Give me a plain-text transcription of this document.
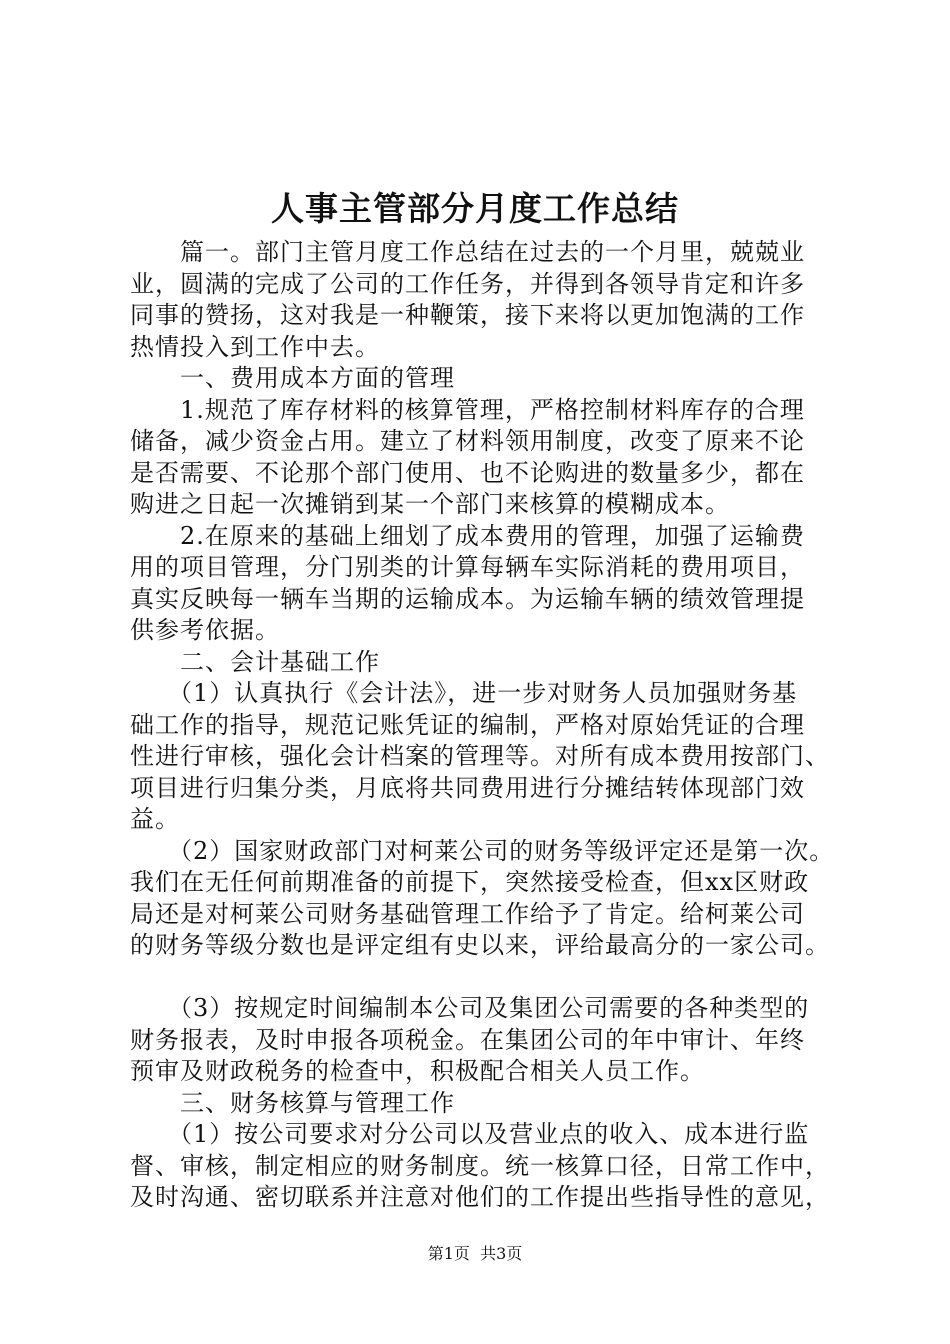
人事主管部分月度工作总结

　　篇一。部门主管月度工作总结在过去的一个月里，兢兢业

业，圆满的完成了公司的工作任务，并得到各领导肯定和许多

同事的赞扬，这对我是一种鞭策，接下来将以更加饱满的工作

热情投入到工作中去。

　　一、费用成本方面的管理

　　1.规范了库存材料的核算管理，严格控制材料库存的合理

储备，减少资金占用。建立了材料领用制度，改变了原来不论

是否需要、不论那个部门使用、也不论购进的数量多少，都在

购进之日起一次摊销到某一个部门来核算的模糊成本。

　　2.在原来的基础上细划了成本费用的管理，加强了运输费

用的项目管理，分门别类的计算每辆车实际消耗的费用项目，

真实反映每一辆车当期的运输成本。为运输车辆的绩效管理提

供参考依据。

　　二、会计基础工作

　　（1）认真执行《会计法》，进一步对财务人员加强财务基

础工作的指导，规范记账凭证的编制，严格对原始凭证的合理

性进行审核，强化会计档案的管理等。对所有成本费用按部门、

项目进行归集分类，月底将共同费用进行分摊结转体现部门效

益。

　　（2）国家财政部门对柯莱公司的财务等级评定还是第一次。

我们在无任何前期准备的前提下，突然接受检查，但xx区财政

局还是对柯莱公司财务基础管理工作给予了肯定。给柯莱公司

的财务等级分数也是评定组有史以来，评给最高分的一家公司。

　　（3）按规定时间编制本公司及集团公司需要的各种类型的

财务报表，及时申报各项税金。在集团公司的年中审计、年终

预审及财政税务的检查中，积极配合相关人员工作。

　　三、财务核算与管理工作

　　（1）按公司要求对分公司以及营业点的收入、成本进行监

督、审核，制定相应的财务制度。统一核算口径，日常工作中，

及时沟通、密切联系并注意对他们的工作提出些指导性的意见，

第1页 共3页
